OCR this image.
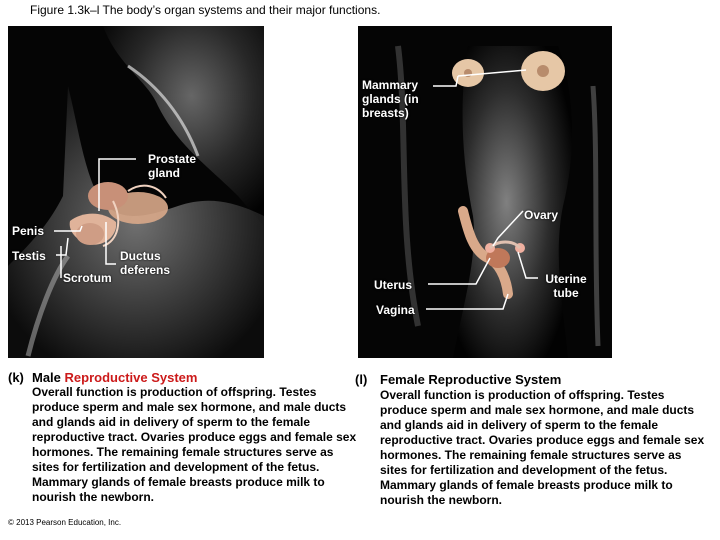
Figure 1.3k–l The body’s organ systems and their major functions.
Prostate gland
Penis
Testis
Scrotum
Ductus deferens
Mammary glands (in breasts)
Ovary
Uterus	Uterine tube
Vagina
(k) Male Reproductive System
Overall function is production of offspring. Testes produce sperm and male sex hormone, and male ducts and glands aid in delivery of sperm to the female reproductive tract. Ovaries produce eggs and female sex hormones. The remaining female structures serve as sites for fertilization and development of the fetus. Mammary glands of female breasts produce milk to nourish the newborn.
(l) Female Reproductive System
Overall function is production of offspring. Testes produce sperm and male sex hormone, and male ducts and glands aid in delivery of sperm to the female reproductive tract. Ovaries produce eggs and female sex hormones. The remaining female structures serve as sites for fertilization and development of the fetus. Mammary glands of female breasts produce milk to nourish the newborn.
© 2013 Pearson Education, Inc.
